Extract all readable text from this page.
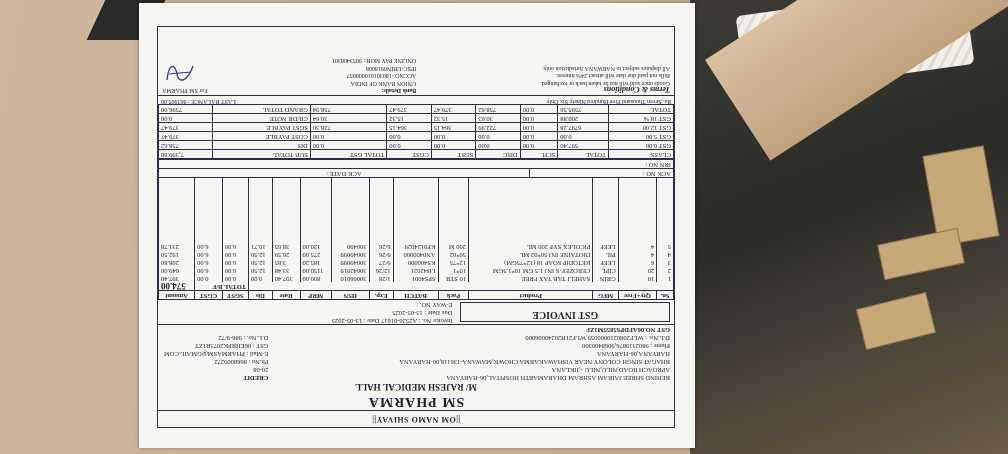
||OM NAMO SHIVAY||
SM PHARMA
M/ RAJESH MEDICAL HALL
BEHIND SHREE JAIRAM ASHRAM DHARAMARTH HOSPITAL,06-HARYANA
APROACH ROAD,NILU,NILU -,JIKLANA
BHAGAT SINGH COLONY NEAR VISHAWAKARMA CHOWK,MAWANA-136118,06-HARYANA
HARYANA,06-HARYANA
Phone : 9802319876,9068400300
D.L.No. : WLF2080210000059,WLF21H20240006000
GST NO.06AFDPS5855M1ZF
CREDIT
20-08
Ph.No : 8668009272
E-Mail : PHARMASM@GMAIL.COM
GST : 06EHRPK2073R1ZT
D.L.No. : 986-9/72
GST INVOICE
Invoice No. : A2526-01617 Date : 13-05-2025
Due Date : 13-05-2025
E-WAY NO. :
Sn.	Qty+Free	MFG	Product	Pack	BATCH	Exp.	HSN	MRP	Rate	Dis	SGST	CGST	Amount
											TOTAL B/F		574.00
1	10	GRIN	SAHELI TAB TAX FREE	10 STR	SPS4001	1/28	30066010	800.00	397.40	0.00	0.00	0.00	397.40
2	20	CIPL	CEROZEF-S INJ 1.5 GM 10*1.5GM	10*1	LH42021	12/26	30042019	1150.00	33.48	12.50	6.00	6.00	649.00
3	6	LEEF	KETODIP SOAP 18 (12*75GM)	12*75	KS400000	9/27	30049099	185.20	3.85	12.50	6.00	6.00	208.80
4	4	PIL	DIOTAINE INJ 50*02 ML	50*02	AN0400000	9/26	30049099	275.00	26.59	12.50	6.00	6.00	192.50
5	4	LEEF	PICOLEX SYP 200 ML	200 M	KF0124029	6/26	300490	120.00	38.65	10.71	6.00	6.00	231.78

ACK NO :	ACK DATE :
IRN NO :
CLASS	TOTAL	SCH.	DISC	SGST	CGST	TOTAL GST	SUB TOTAL	7,399.88
GST 0.00	597.40	0.00	0.00	0.00	0.00	0.00	DIS	758.62
GST 5.00	0.00	0.00	0.00	0.00	0.00	0.00	COST PAYBLE	379.47
GST 12.00	6797.28	0.00	722.99	364.15	364.15	728.30	SGST PAYBLE	379.47
GST 18 %	200.88	0.00	30.63	15.32	15.32	30.64	CR/DR NOTE	0.00
TOTAL	7595.56	0.00	758.62	379.47	379.47	758.94	GRAND TOTAL	7596.00
Rs. Seven Thousand Five Hundred Ninety Six Only
LAST BALANCE : 863905.00
Terms & Conditions
Goods once sold will not be taken back or exchanged.
Bills not paid due date will attract 24% interest.
All disputes subject to NARWANA Jurisdiction only.
Bank Details:
UNION BANK OF INDIA
ACCNO.-180301010000057
IFSC-UBIN0918008
ONLINE PAY MOB.: 9053408301
For SM PHARMA
